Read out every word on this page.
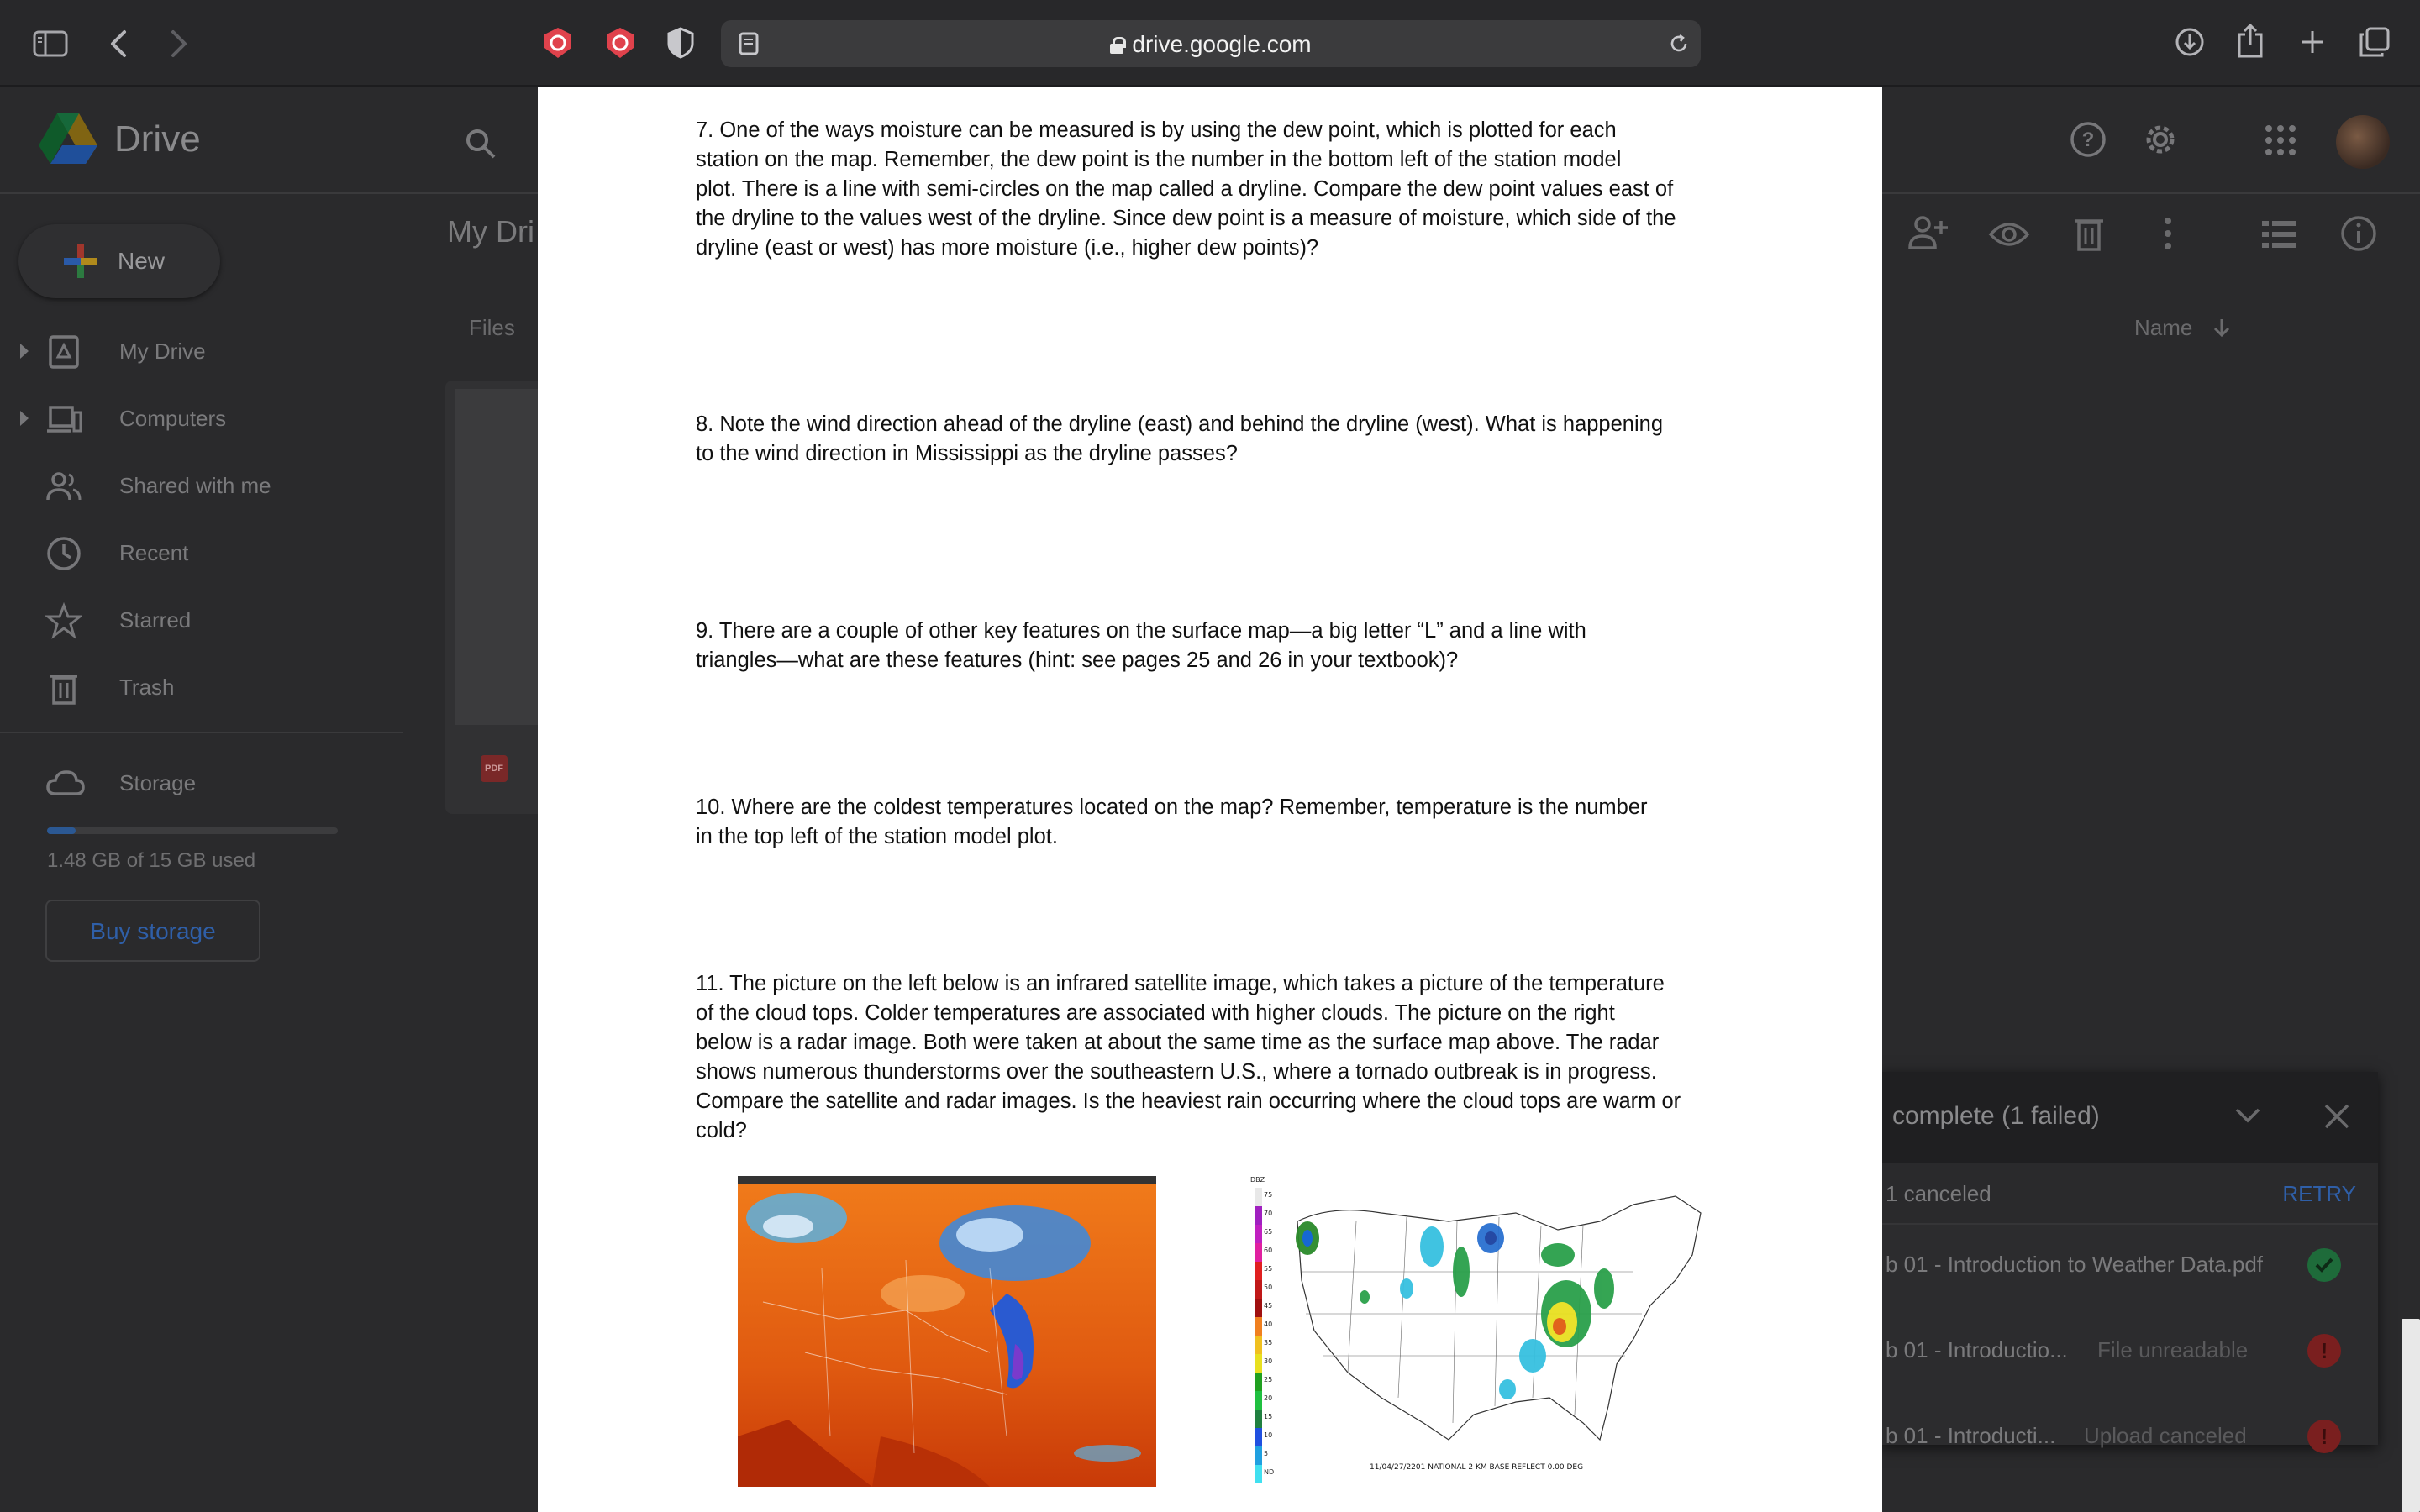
drive.google.com
Drive	?
New
My Drive
Computers
Shared with me
Recent
Starred
Trash
Storage
1.48 GB of 15 GB used
Buy storage
My Dri
Files	Name
PDF
complete (1 failed)
1 canceled	RETRY
b 01 - Introduction to Weather Data.pdf
b 01 - Introductio... File unreadable	!
b 01 - Introducti... Upload canceled	!
7. One of the ways moisture can be measured is by using the dew point, which is plotted for each
station on the map. Remember, the dew point is the number in the bottom left of the station model
plot. There is a line with semi-circles on the map called a dryline. Compare the dew point values east of
the dryline to the values west of the dryline. Since dew point is a measure of moisture, which side of the
dryline (east or west) has more moisture (i.e., higher dew points)?
8. Note the wind direction ahead of the dryline (east) and behind the dryline (west). What is happening
to the wind direction in Mississippi as the dryline passes?
9. There are a couple of other key features on the surface map—a big letter “L” and a line with
triangles—what are these features (hint: see pages 25 and 26 in your textbook)?
10. Where are the coldest temperatures located on the map? Remember, temperature is the number
in the top left of the station model plot.
11. The picture on the left below is an infrared satellite image, which takes a picture of the temperature
of the cloud tops. Colder temperatures are associated with higher clouds. The picture on the right
below is a radar image. Both were taken at about the same time as the surface map above. The radar
shows numerous thunderstorms over the southeastern U.S., where a tornado outbreak is in progress.
Compare the satellite and radar images. Is the heaviest rain occurring where the cloud tops are warm or
cold?
DBZ
75
70
65
60
55
50
45
40
35
30
25
20
15
10
5
ND
11/04/27/2201 NATIONAL 2 KM BASE REFLECT 0.00 DEG
